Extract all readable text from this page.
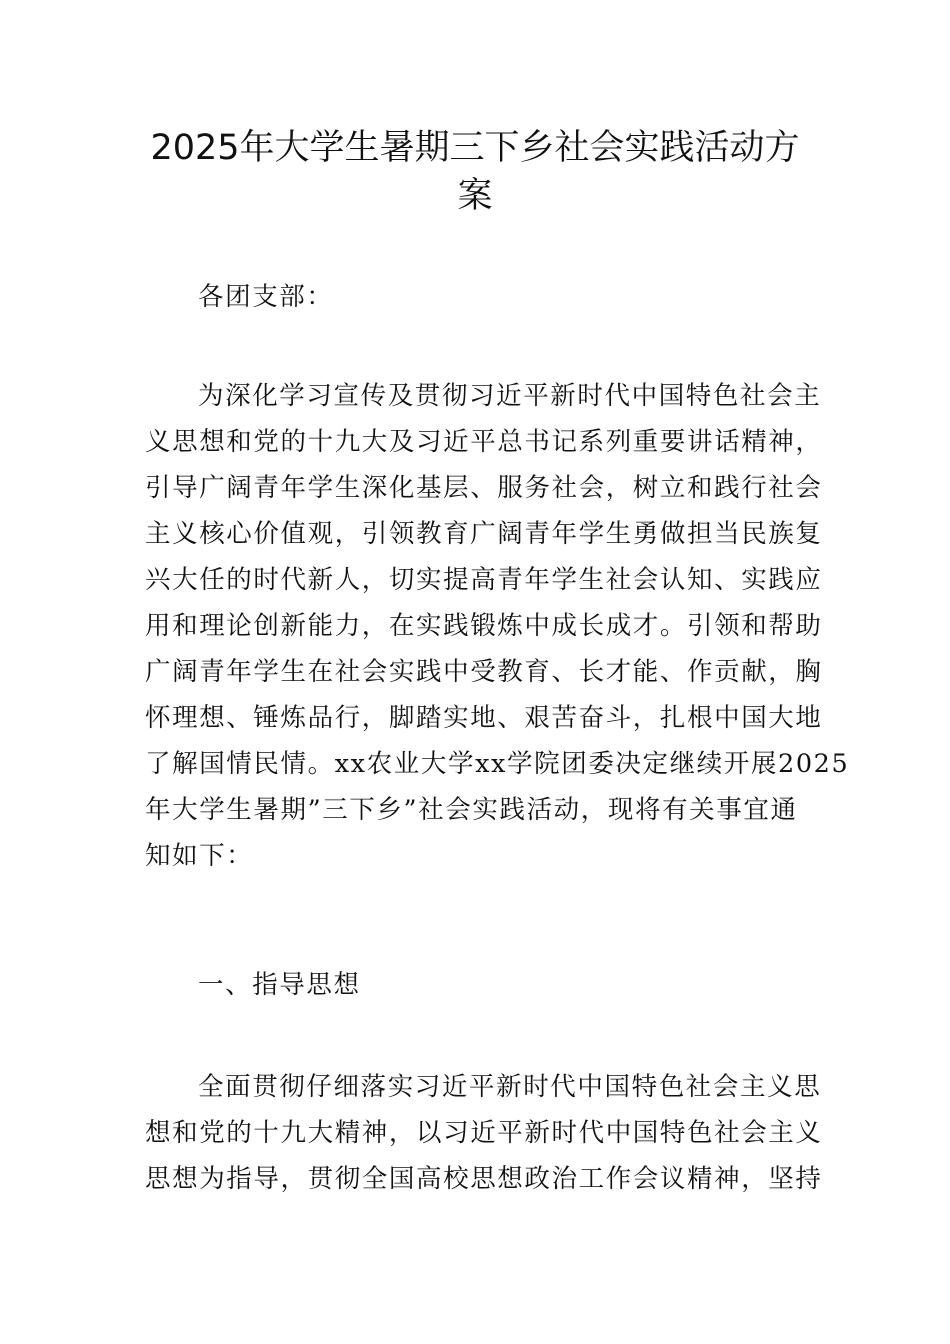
2025年大学生暑期三下乡社会实践活动方
案

各团支部：

为深化学习宣传及贯彻习近平新时代中国特色社会主
义思想和党的十九大及习近平总书记系列重要讲话精神，
引导广阔青年学生深化基层、服务社会，树立和践行社会
主义核心价值观，引领教育广阔青年学生勇做担当民族复
兴大任的时代新人，切实提高青年学生社会认知、实践应
用和理论创新能力，在实践锻炼中成长成才。引领和帮助
广阔青年学生在社会实践中受教育、长才能、作贡献，胸
怀理想、锤炼品行，脚踏实地、艰苦奋斗，扎根中国大地
了解国情民情。xx农业大学xx学院团委决定继续开展2025
年大学生暑期”三下乡”社会实践活动，现将有关事宜通
知如下：

一、指导思想

全面贯彻仔细落实习近平新时代中国特色社会主义思
想和党的十九大精神，以习近平新时代中国特色社会主义
思想为指导，贯彻全国高校思想政治工作会议精神，坚持
